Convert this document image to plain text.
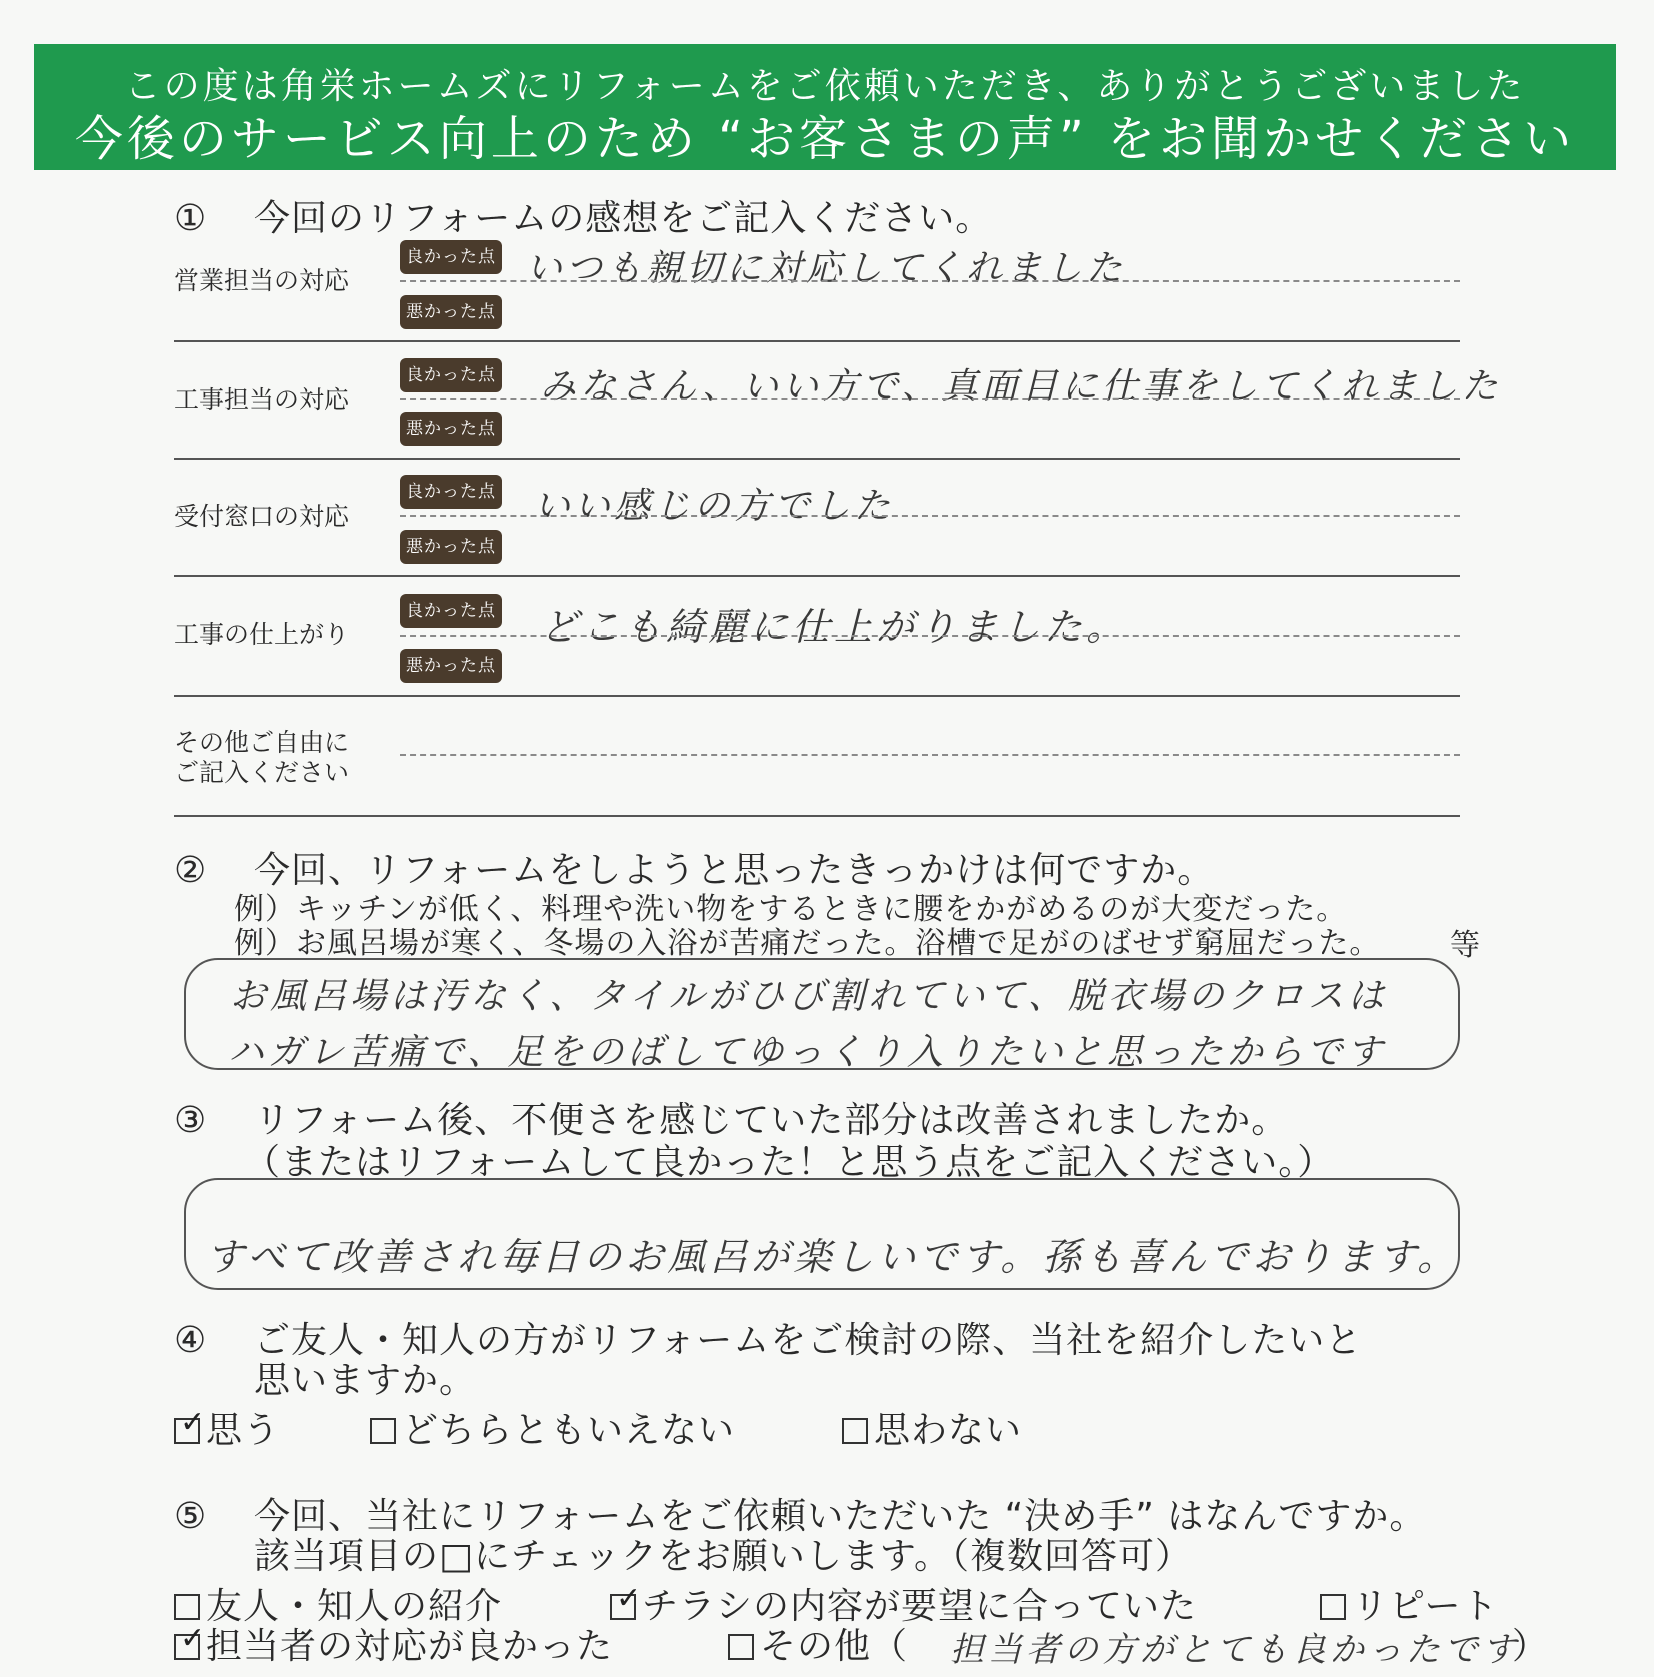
この度は角栄ホームズにリフォームをご依頼いただき、ありがとうございました
今後のサービス向上のため “お客さまの声” をお聞かせください
① 今回のリフォームの感想をご記入ください。
営業担当の対応
良かった点 いつも親切に対応してくれました
悪かった点
工事担当の対応
良かった点 みなさん、いい方で、真面目に仕事をしてくれました
悪かった点
受付窓口の対応
良かった点 いい感じの方でした
悪かった点
工事の仕上がり
良かった点 どこも綺麗に仕上がりました。
悪かった点
その他ご自由に
ご記入ください
② 今回、リフォームをしようと思ったきっかけは何ですか。
例）キッチンが低く、料理や洗い物をするときに腰をかがめるのが大変だった。
例）お風呂場が寒く、冬場の入浴が苦痛だった。浴槽で足がのばせず窮屈だった。 等
お風呂場は汚なく、タイルがひび割れていて、脱衣場のクロスは
ハガレ苦痛で、足をのばしてゆっくり入りたいと思ったからです
③ リフォーム後、不便さを感じていた部分は改善されましたか。
（またはリフォームして良かった！と思う点をご記入ください。）
すべて改善され毎日のお風呂が楽しいです。孫も喜んでおります。
④ ご友人・知人の方がリフォームをご検討の際、当社を紹介したいと
思いますか。
✓ 思う	どちらともいえない	思わない
⑤ 今回、当社にリフォームをご依頼いただいた “決め手” はなんですか。
該当項目の□にチェックをお願いします。（複数回答可）
友人・知人の紹介	✓ チラシの内容が要望に合っていた	リピート
✓ 担当者の対応が良かった	その他（ 担当者の方がとても良かったです
）
